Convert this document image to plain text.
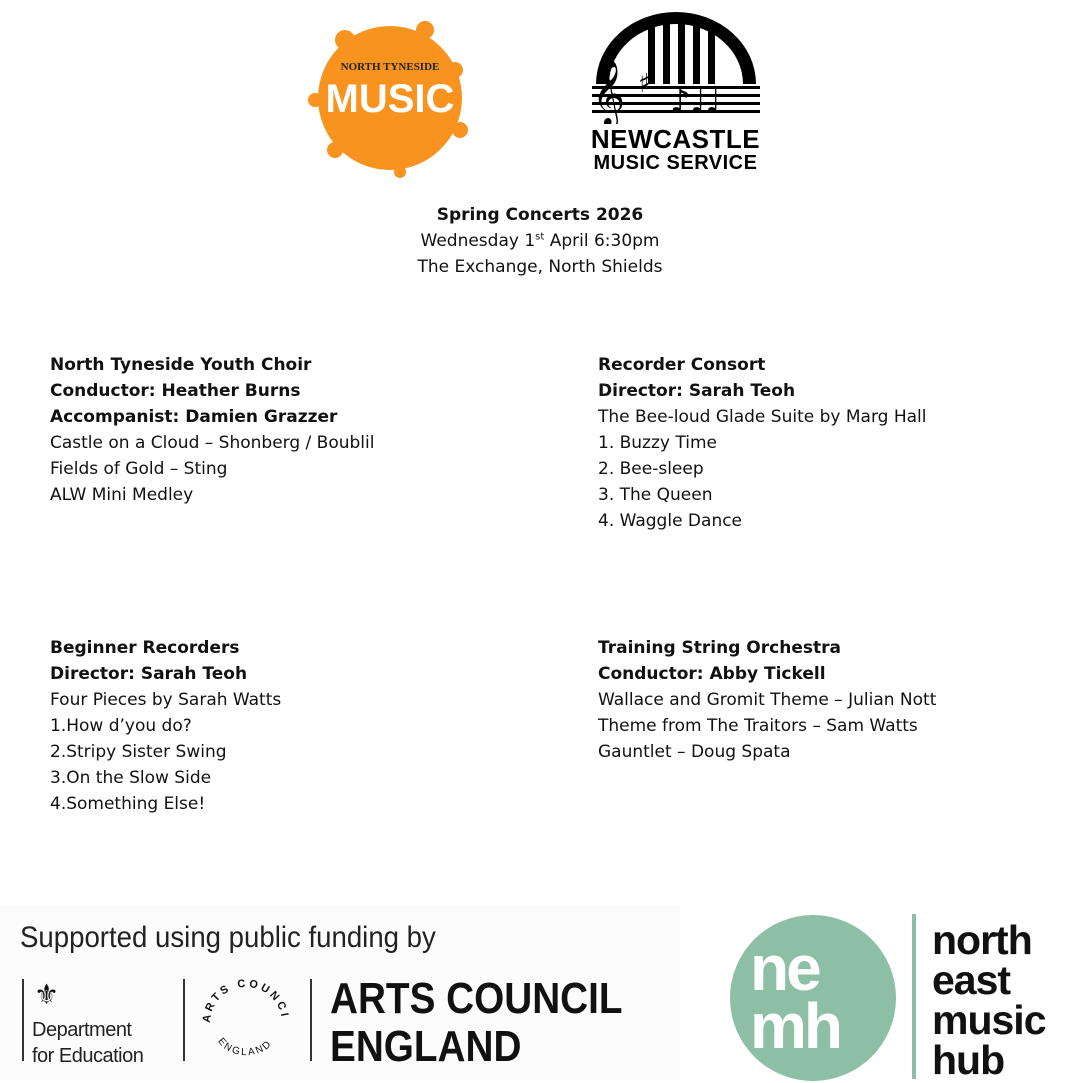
NORTH TYNESIDE
MUSIC	𝄞 ♯ ♪♩♩
NEWCASTLE
MUSIC SERVICE
Spring Concerts 2026
Wednesday 1st April 6:30pm
The Exchange, North Shields
North Tyneside Youth Choir
Conductor: Heather Burns
Accompanist: Damien Grazzer
Castle on a Cloud – Shonberg / Boublil
Fields of Gold – Sting
ALW Mini Medley
Recorder Consort
Director: Sarah Teoh
The Bee-loud Glade Suite by Marg Hall
1. Buzzy Time
2. Bee-sleep
3. The Queen
4. Waggle Dance
Beginner Recorders
Director: Sarah Teoh
Four Pieces by Sarah Watts
1.How d’you do?
2.Stripy Sister Swing
3.On the Slow Side
4.Something Else!
Training String Orchestra
Conductor: Abby Tickell
Wallace and Gromit Theme – Julian Nott
Theme from The Traitors – Sam Watts
Gauntlet – Doug Spata
Supported using public funding by
⚜
Department
for Education
ARTS COUNCI
ENGLAND
ARTS COUNCIL
ENGLAND
ne
mh
north
east
music
hub
